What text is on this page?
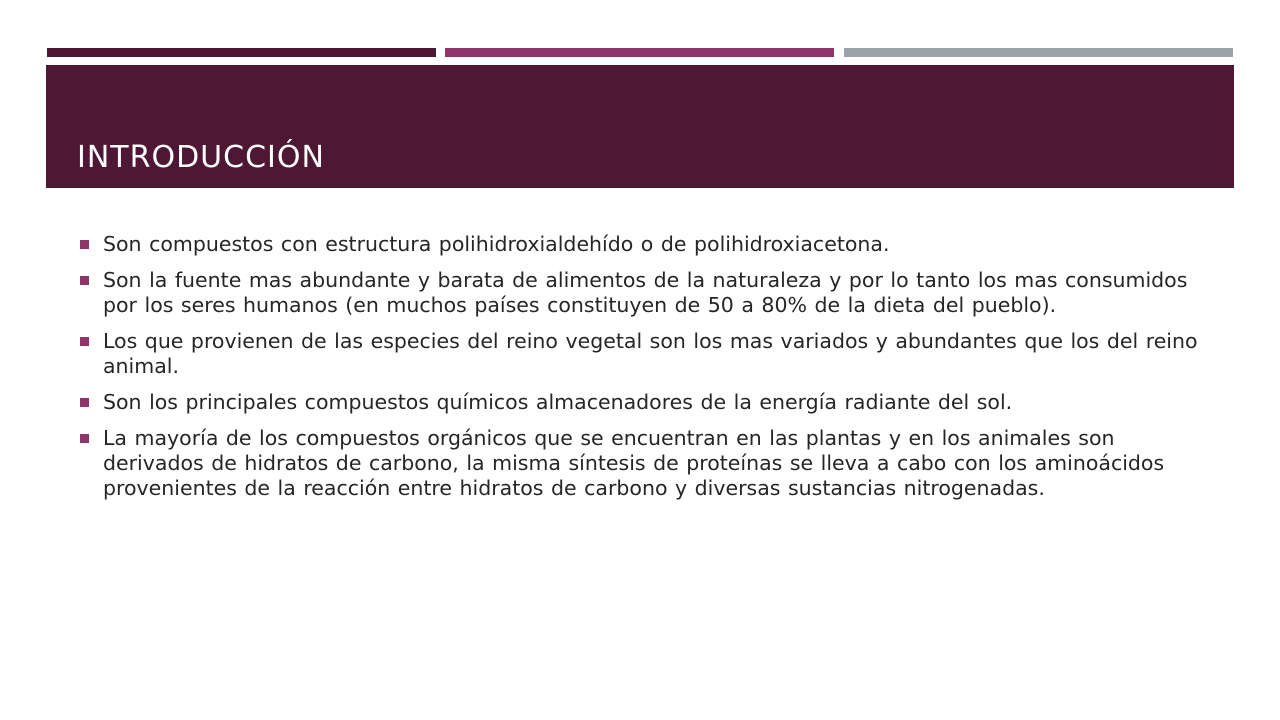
INTRODUCCIÓN
Son compuestos con estructura polihidroxialdehído o de polihidroxiacetona.
Son la fuente mas abundante y barata de alimentos de la naturaleza y por lo tanto los mas consumidos por los seres humanos (en muchos países constituyen de 50 a 80% de la dieta del pueblo).
Los que provienen de las especies del reino vegetal son los mas variados y abundantes que los del reino animal.
Son los principales compuestos químicos almacenadores de la energía radiante del sol.
La mayoría de los compuestos orgánicos que se encuentran en las plantas y en los animales son derivados de hidratos de carbono, la misma síntesis de proteínas se lleva a cabo con los aminoácidos provenientes de la reacción entre hidratos de carbono y diversas sustancias nitrogenadas.
